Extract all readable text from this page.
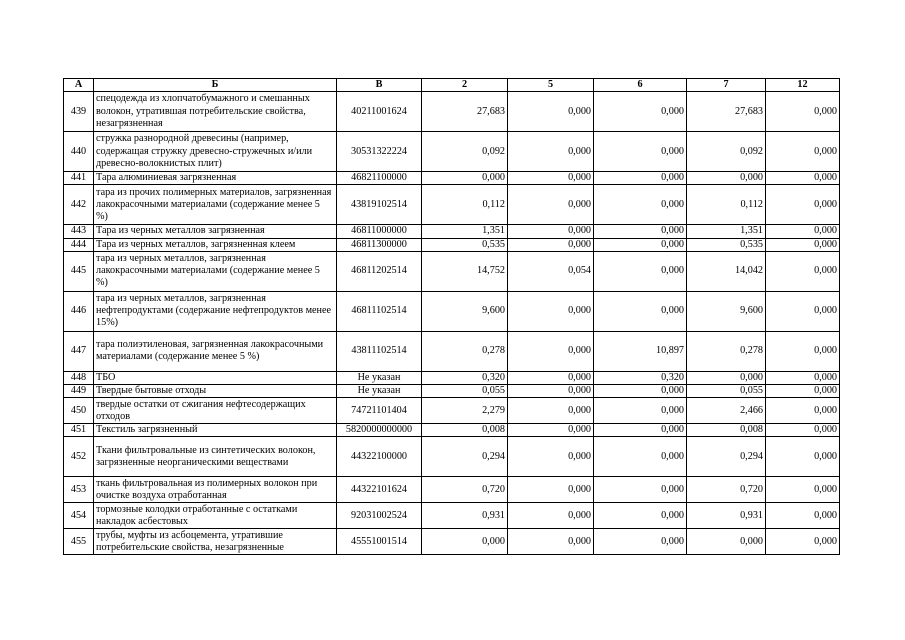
А	Б	В	2	5	6	7	12
439	спецодежда из хлопчатобумажного и смешанных волокон, утратившая потребительские свойства, незагрязненная	40211001624	27,683	0,000	0,000	27,683	0,000
440	стружка разнородной древесины (например, содержащая стружку древесно-стружечных и/или древесно-волокнистых плит)	30531322224	0,092	0,000	0,000	0,092	0,000
441	Тара алюминиевая загрязненная	46821100000	0,000	0,000	0,000	0,000	0,000
442	тара из прочих полимерных материалов, загрязненная лакокрасочными материалами (содержание менее 5 %)	43819102514	0,112	0,000	0,000	0,112	0,000
443	Тара из черных металлов загрязненная	46811000000	1,351	0,000	0,000	1,351	0,000
444	Тара из черных металлов, загрязненная клеем	46811300000	0,535	0,000	0,000	0,535	0,000
445	тара из черных металлов, загрязненная лакокрасочными материалами (содержание менее 5 %)	46811202514	14,752	0,054	0,000	14,042	0,000
446	тара из черных металлов, загрязненная нефтепродуктами (содержание нефтепродуктов менее 15%)	46811102514	9,600	0,000	0,000	9,600	0,000
447	тара полиэтиленовая, загрязненная лакокрасочными материалами (содержание менее 5 %)	43811102514	0,278	0,000	10,897	0,278	0,000
448	ТБО	Не указан	0,320	0,000	0,320	0,000	0,000
449	Твердые бытовые отходы	Не указан	0,055	0,000	0,000	0,055	0,000
450	твердые остатки от сжигания нефтесодержащих отходов	74721101404	2,279	0,000	0,000	2,466	0,000
451	Текстиль загрязненный	5820000000000	0,008	0,000	0,000	0,008	0,000
452	Ткани фильтровальные из синтетических волокон, загрязненные неорганическими веществами	44322100000	0,294	0,000	0,000	0,294	0,000
453	ткань фильтровальная из полимерных волокон при очистке воздуха отработанная	44322101624	0,720	0,000	0,000	0,720	0,000
454	тормозные колодки отработанные с остатками накладок асбестовых	92031002524	0,931	0,000	0,000	0,931	0,000
455	трубы, муфты из асбоцемента, утратившие потребительские свойства, незагрязненные	45551001514	0,000	0,000	0,000	0,000	0,000
